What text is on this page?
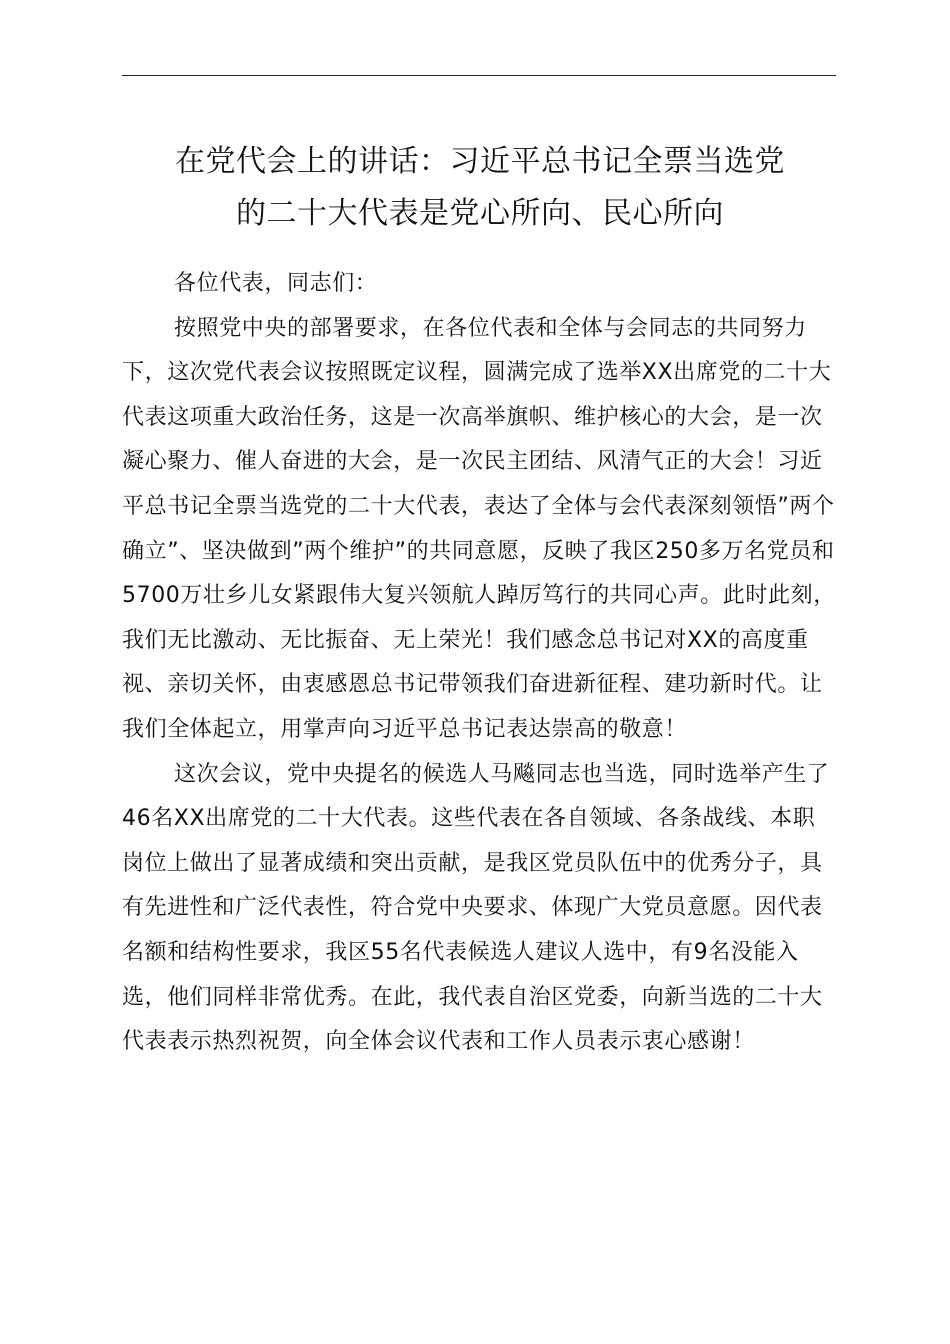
在党代会上的讲话：习近平总书记全票当选党
的二十大代表是党心所向、民心所向

各位代表，同志们：

按照党中央的部署要求，在各位代表和全体与会同志的共同努力下，这次党代表会议按照既定议程，圆满完成了选举XX出席党的二十大代表这项重大政治任务，这是一次高举旗帜、维护核心的大会，是一次凝心聚力、催人奋进的大会，是一次民主团结、风清气正的大会！习近平总书记全票当选党的二十大代表，表达了全体与会代表深刻领悟”两个确立”、坚决做到”两个维护”的共同意愿，反映了我区250多万名党员和5700万壮乡儿女紧跟伟大复兴领航人踔厉笃行的共同心声。此时此刻，我们无比激动、无比振奋、无上荣光！我们感念总书记对XX的高度重视、亲切关怀，由衷感恩总书记带领我们奋进新征程、建功新时代。让我们全体起立，用掌声向习近平总书记表达崇高的敬意！

这次会议，党中央提名的候选人马飚同志也当选，同时选举产生了46名XX出席党的二十大代表。这些代表在各自领域、各条战线、本职岗位上做出了显著成绩和突出贡献，是我区党员队伍中的优秀分子，具有先进性和广泛代表性，符合党中央要求、体现广大党员意愿。因代表名额和结构性要求，我区55名代表候选人建议人选中，有9名没能入选，他们同样非常优秀。在此，我代表自治区党委，向新当选的二十大代表表示热烈祝贺，向全体会议代表和工作人员表示衷心感谢！
